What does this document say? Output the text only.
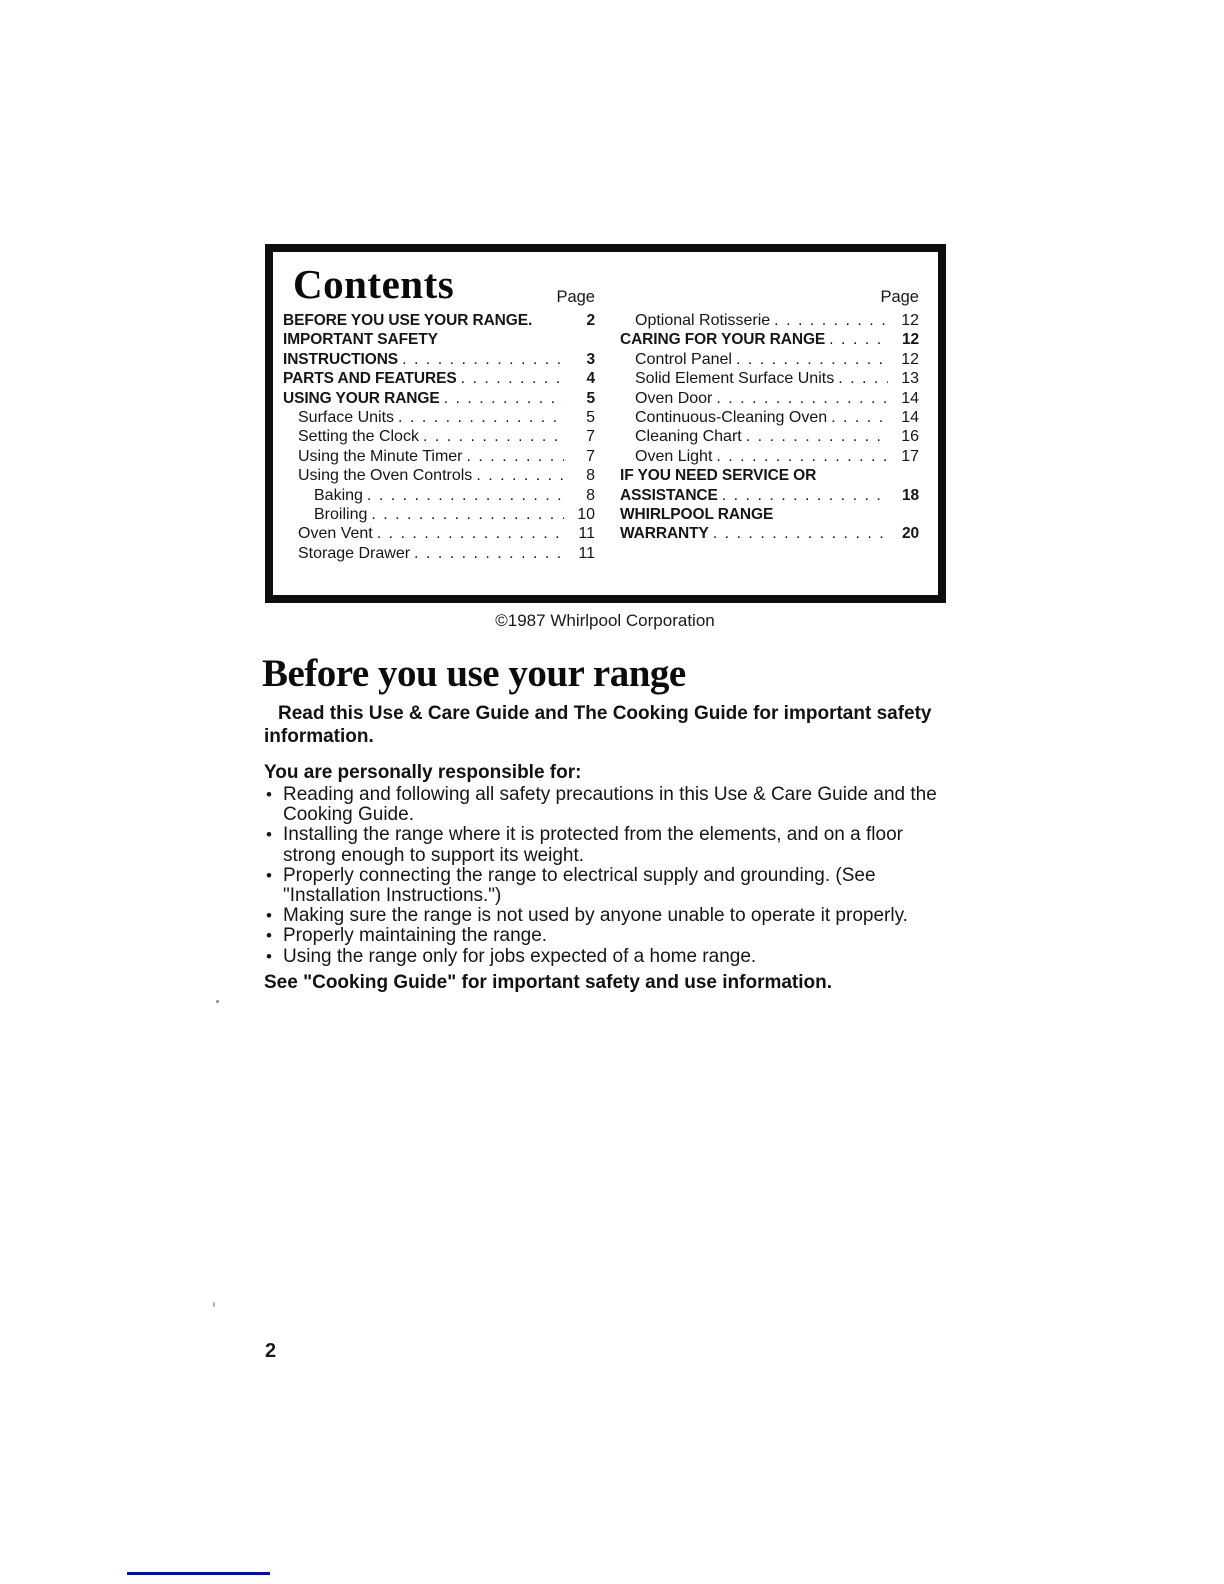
Contents	Page
BEFORE YOU USE YOUR RANGE.	2
IMPORTANT SAFETY
INSTRUCTIONS . . .	3
PARTS AND FEATURES . . .	4
USING YOUR RANGE . . .	5
Surface Units . . .	5
Setting the Clock . . .	7
Using the Minute Timer . . .	7
Using the Oven Controls . . .	8
Baking . . .	8
Broiling . . .	10
Oven Vent . . .	11
Storage Drawer . . .	11
Page
Optional Rotisserie . . .	12
CARING FOR YOUR RANGE . . .	12
Control Panel . . .	12
Solid Element Surface Units . . .	13
Oven Door . . .	14
Continuous-Cleaning Oven . . .	14
Cleaning Chart . . .	16
Oven Light . . .	17
IF YOU NEED SERVICE OR
ASSISTANCE . . .	18
WHIRLPOOL RANGE
WARRANTY . . .	20
©1987 Whirlpool Corporation
Before you use your range
Read this Use & Care Guide and The Cooking Guide for important safety
information.
You are personally responsible for:
• Reading and following all safety precautions in this Use & Care Guide and the
Cooking Guide.
• Installing the range where it is protected from the elements, and on a floor
strong enough to support its weight.
• Properly connecting the range to electrical supply and grounding. (See
"Installation Instructions.")
• Making sure the range is not used by anyone unable to operate it properly.
• Properly maintaining the range.
• Using the range only for jobs expected of a home range.
See "Cooking Guide" for important safety and use information.
2
